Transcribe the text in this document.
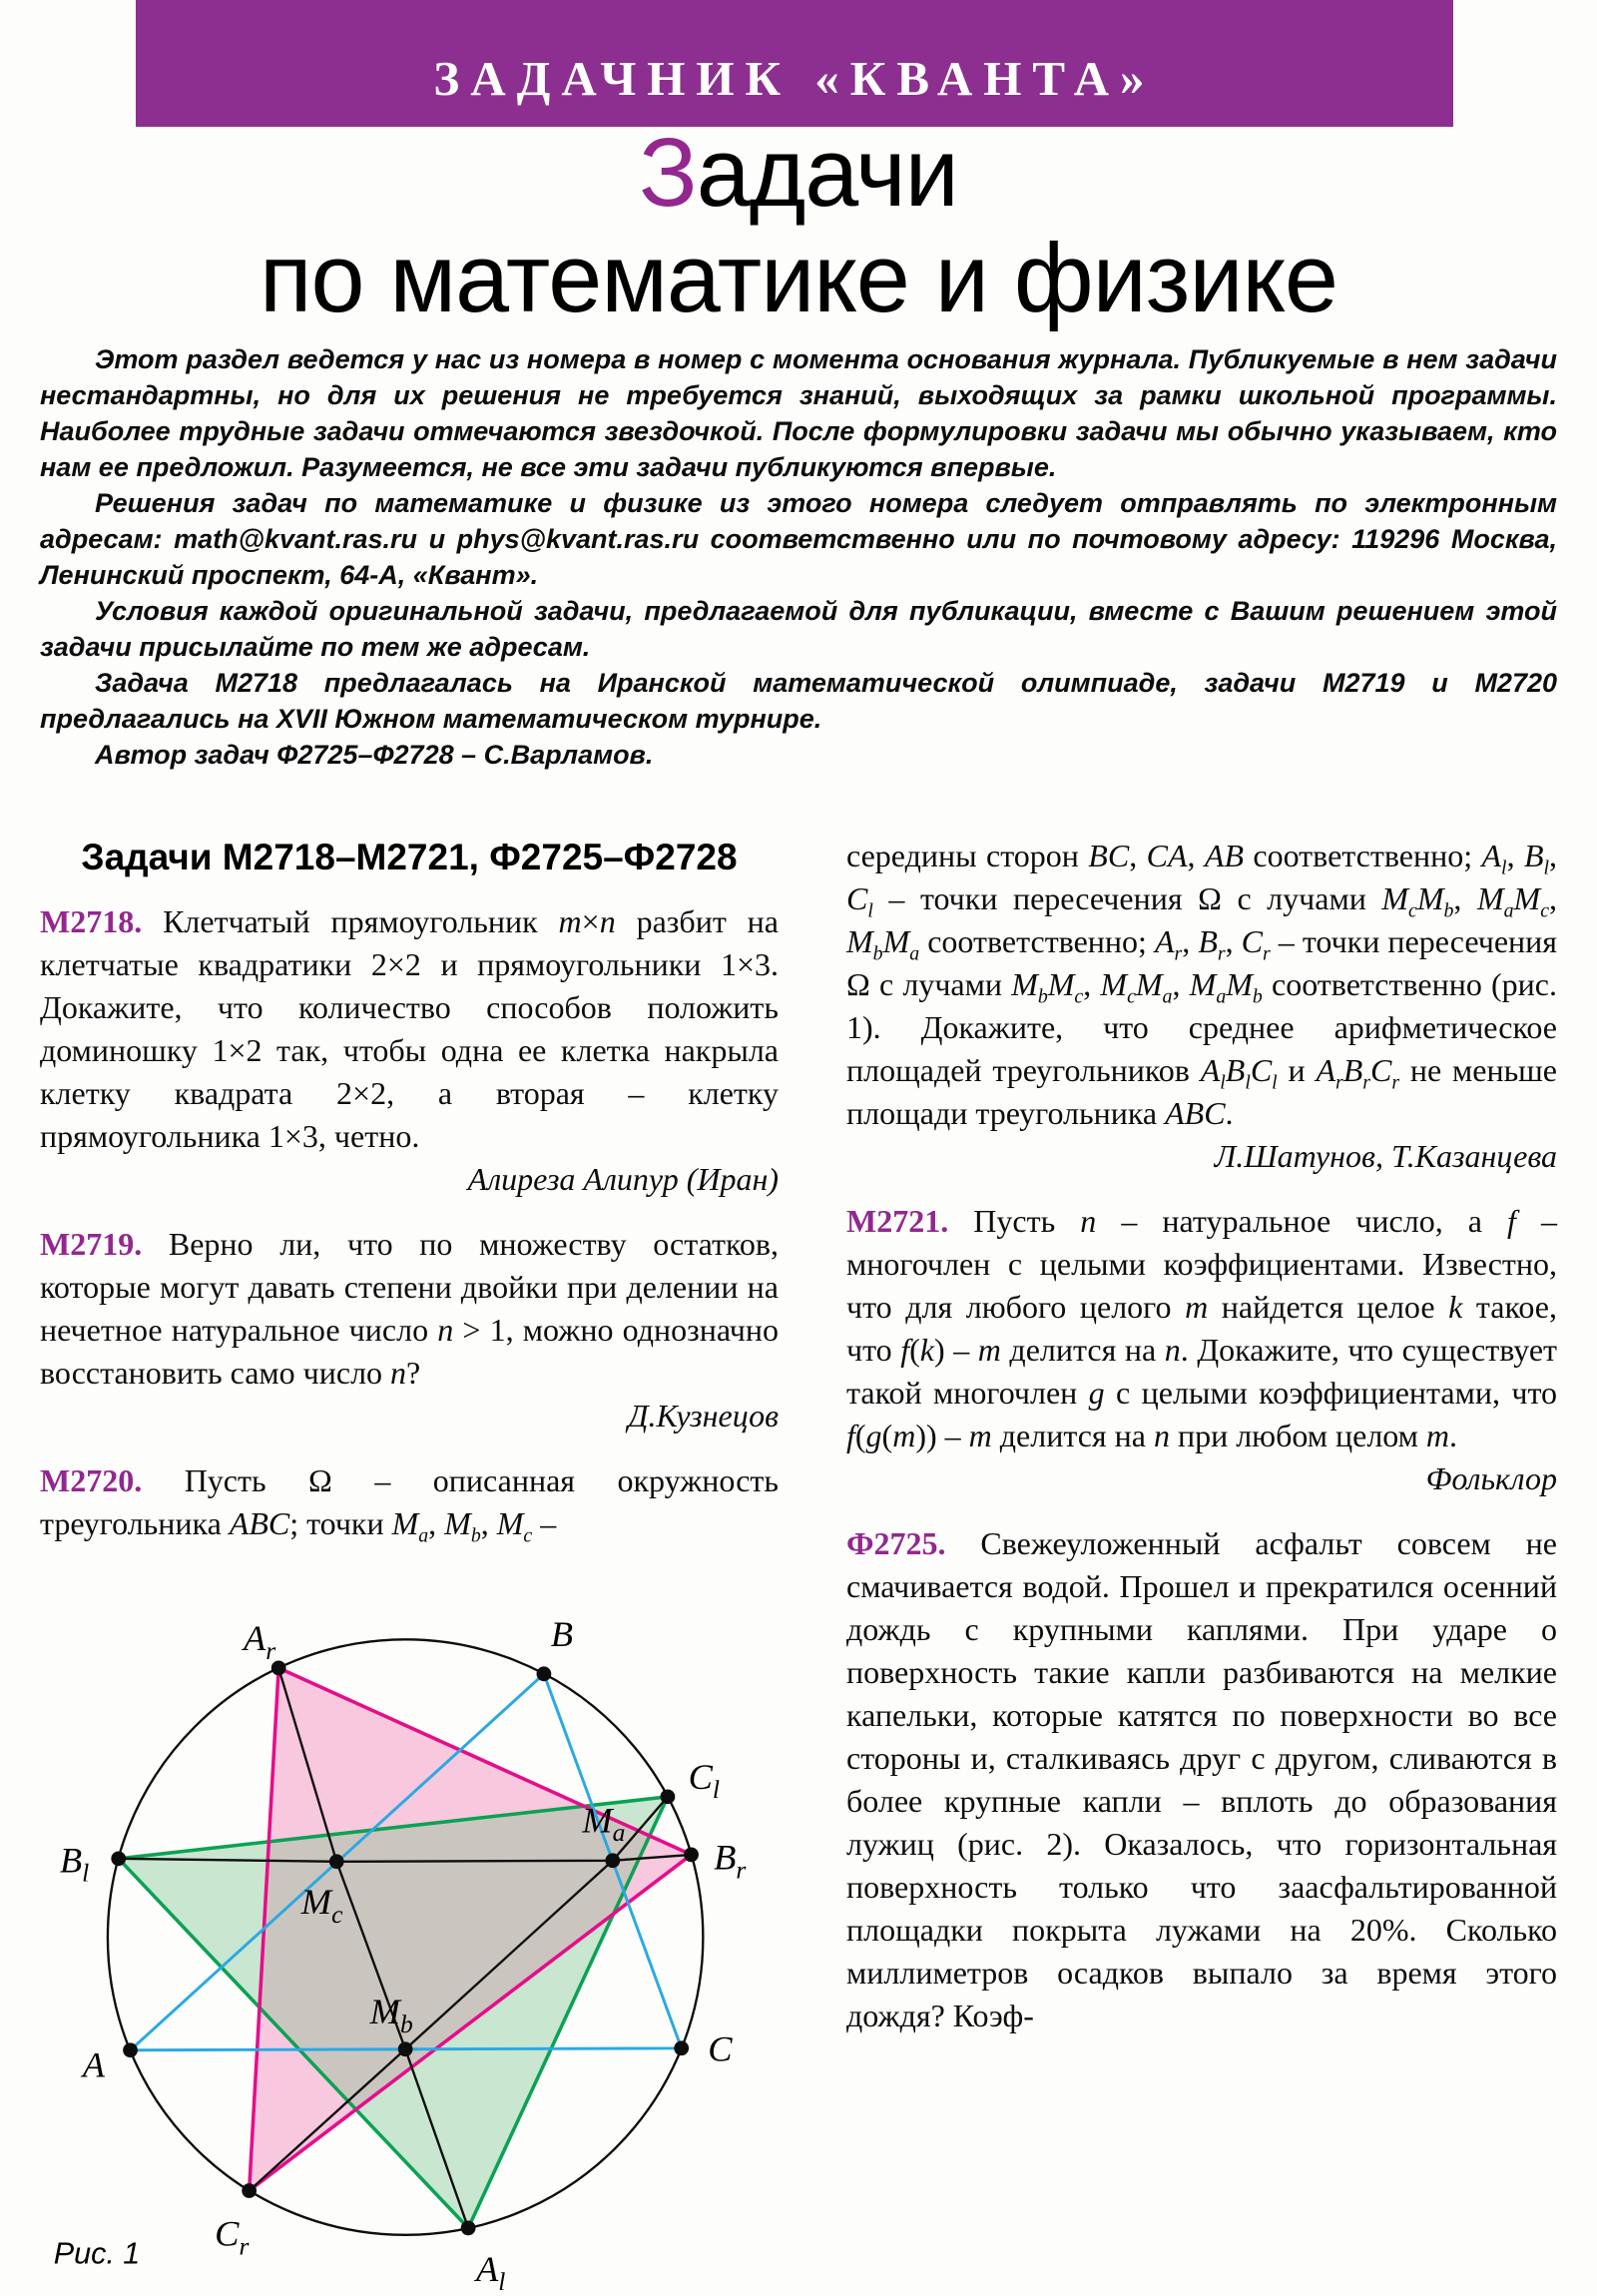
ЗАДАЧНИК «КВАНТА»
Задачи
по математике и физике

Этот раздел ведется у нас из номера в номер с момента основания журнала. Публикуемые в нем задачи нестандартны, но для их решения не требуется знаний, выходящих за рамки школьной программы. Наиболее трудные задачи отмечаются звездочкой. После формулировки задачи мы обычно указываем, кто нам ее предложил. Разумеется, не все эти задачи публикуются впервые.

Решения задач по математике и физике из этого номера следует отправлять по электронным адресам: math@kvant.ras.ru и phys@kvant.ras.ru соответственно или по почтовому адресу: 119296 Москва, Ленинский проспект, 64-А, «Квант».

Условия каждой оригинальной задачи, предлагаемой для публикации, вместе с Вашим решением этой задачи присылайте по тем же адресам.

Задача М2718 предлагалась на Иранской математической олимпиаде, задачи М2719 и М2720 предлагались на XVII Южном математическом турнире.

Автор задач Ф2725–Ф2728 – С.Варламов.

Задачи М2718–М2721, Ф2725–Ф2728

М2718. Клетчатый прямоугольник m×n разбит на клетчатые квадратики 2×2 и прямоугольники 1×3. Докажите, что количество способов положить доминошку 1×2 так, чтобы одна ее клетка накрыла клетку квадрата 2×2, а вторая – клетку прямоугольника 1×3, четно.

Алиреза Алипур (Иран)

М2719. Верно ли, что по множеству остатков, которые могут давать степени двойки при делении на нечетное натуральное число n > 1, можно однозначно восстановить само число n?

Д.Кузнецов

М2720. Пусть Ω – описанная окружность треугольника ABC; точки $M_a$, $M_b$, $M_c$ –

середины сторон BC, CA, AB соответственно; $A_l$, $B_l$, $C_l$ – точки пересечения Ω с лучами $M_cM_b$, $M_aM_c$, $M_bM_a$ соответственно; $A_r$, $B_r$, $C_r$ – точки пересечения Ω с лучами $M_bM_c$, $M_cM_a$, $M_aM_b$ соответственно (рис. 1). Докажите, что среднее арифметическое площадей треугольников $A_lB_lC_l$ и $A_rB_rC_r$ не меньше площади треугольника ABC.

Л.Шатунов, Т.Казанцева

М2721. Пусть n – натуральное число, а f – многочлен с целыми коэффициентами. Известно, что для любого целого m найдется целое k такое, что f(k) – m делится на n. Докажите, что существует такой многочлен g с целыми коэффициентами, что f(g(m)) – m делится на n при любом целом m.

Фольклор

Ф2725. Свежеуложенный асфальт совсем не смачивается водой. Прошел и прекратился осенний дождь с крупными каплями. При ударе о поверхность такие капли разбиваются на мелкие капельки, которые катятся по поверхности во все стороны и, сталкиваясь друг с другом, сливаются в более крупные капли – вплоть до образования лужиц (рис. 2). Оказалось, что горизонтальная поверхность только что заасфальтированной площадки покрыта лужами на 20%. Сколько миллиметров осадков выпало за время этого дождя? Коэф-

$A_r$	B
$C_l$
$B_r$
C
$A_l$
$C_r$
A
$B_l$
$M_a$
$M_b$
$M_c$
Рис. 1
